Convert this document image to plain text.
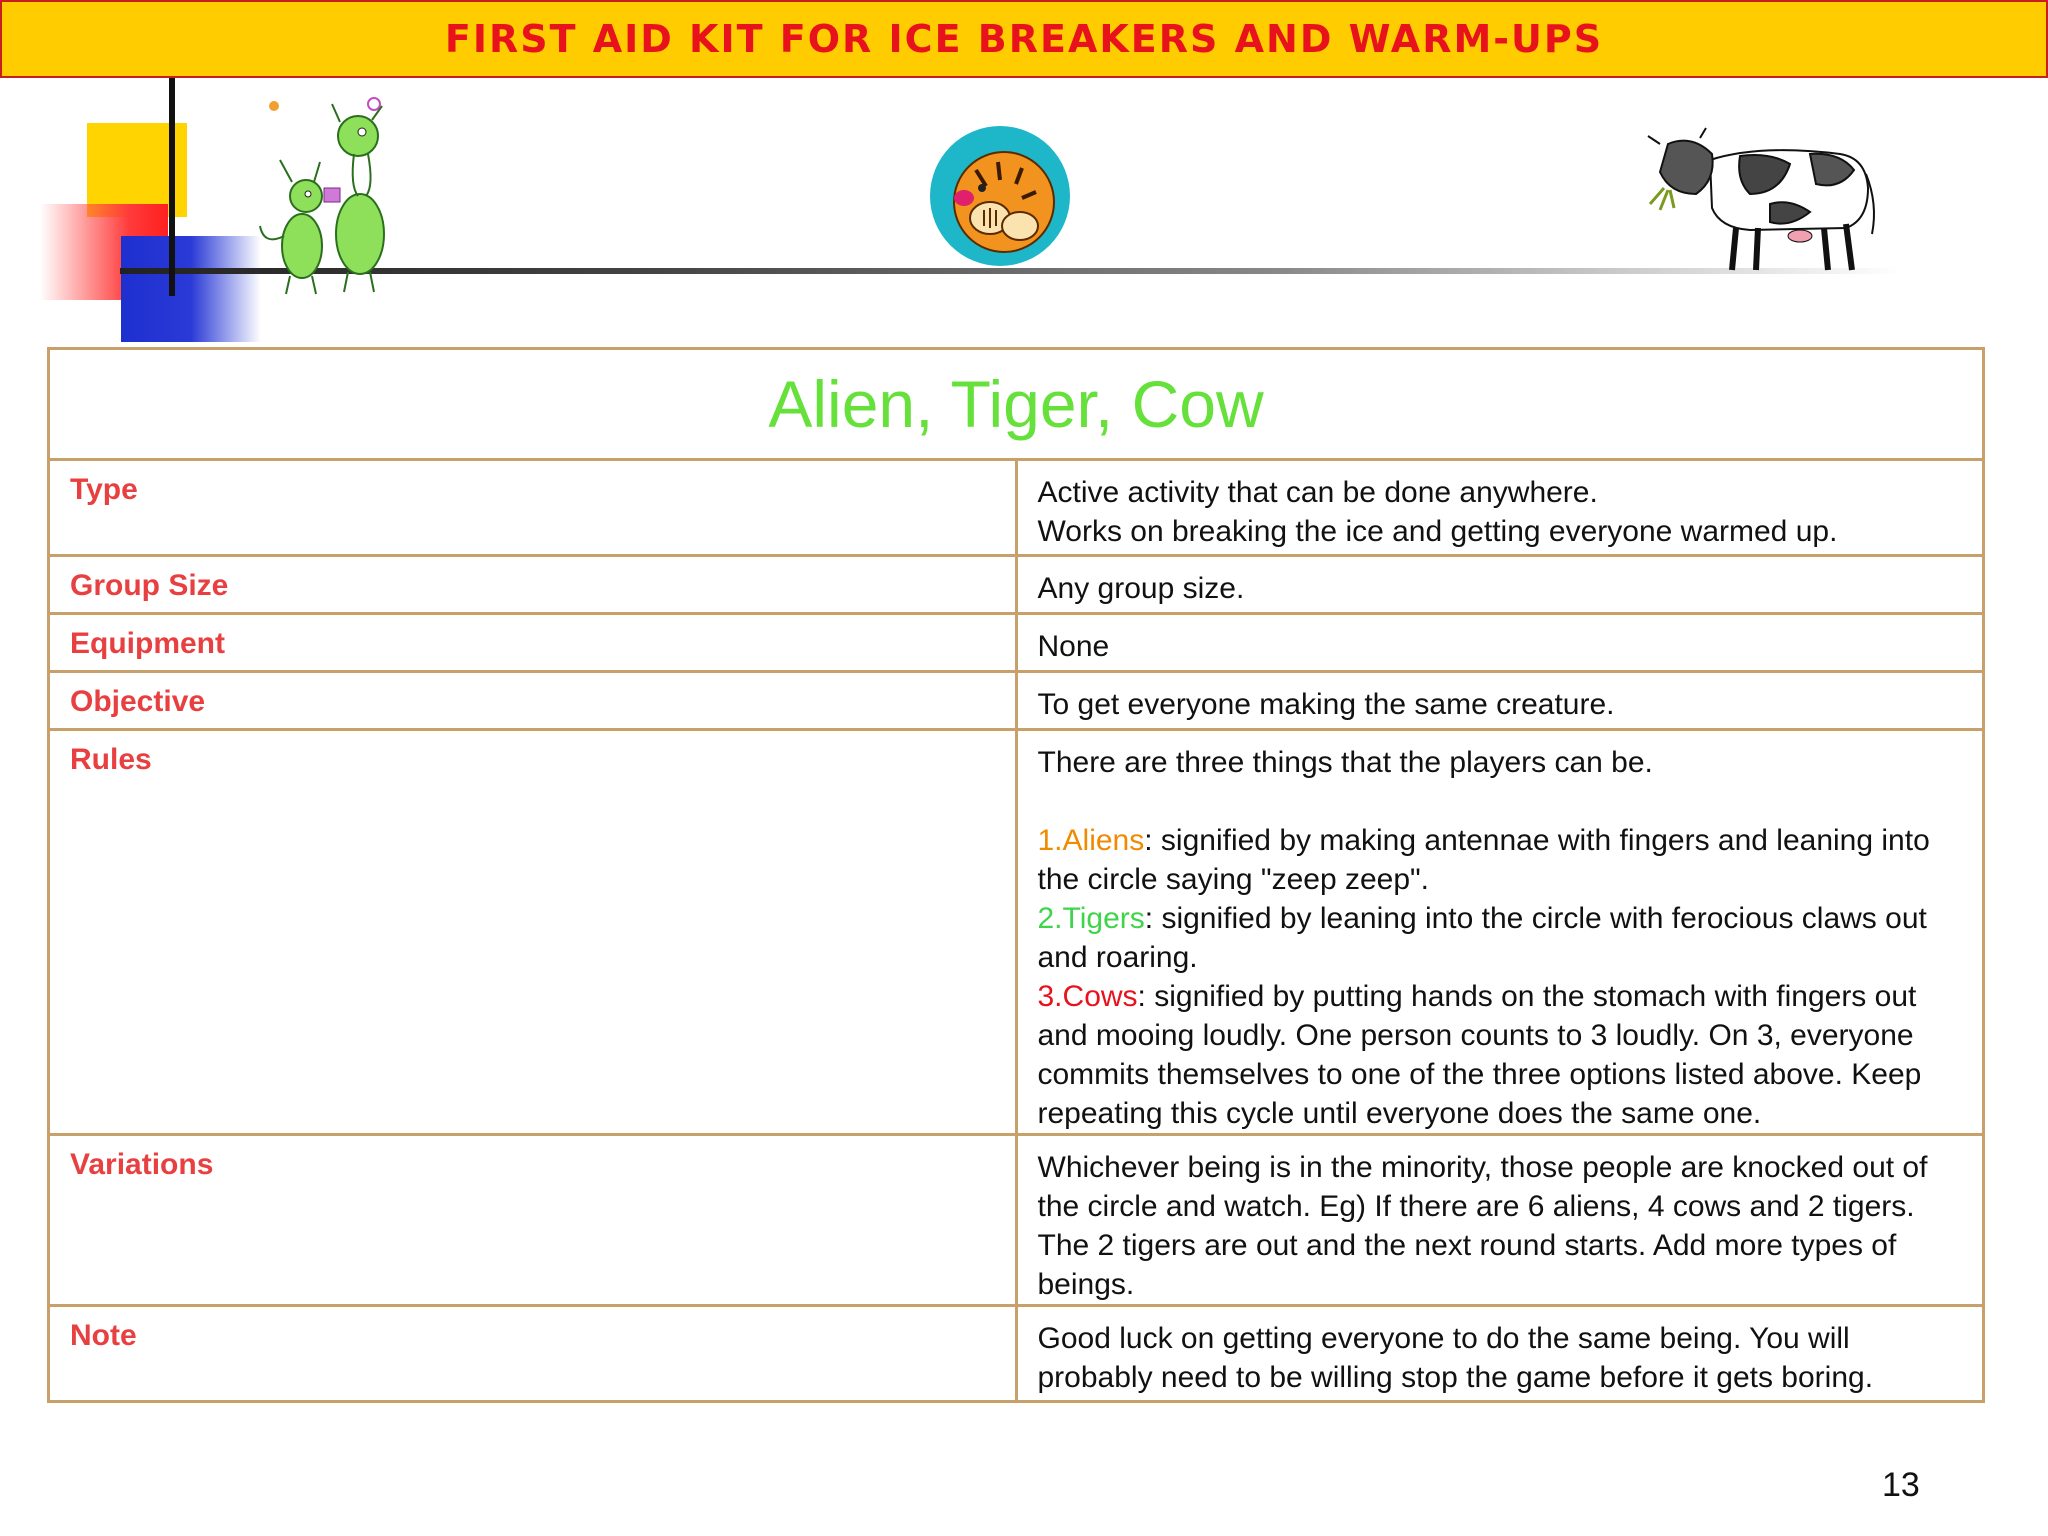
FIRST AID KIT FOR ICE BREAKERS AND WARM-UPS
Alien, Tiger, Cow	
Type	Active activity that can be done anywhere.
Works on breaking the ice and getting everyone warmed up.

Group Size	Any group size.
Equipment	None
Objective	To get everyone making the same creature.
Rules	There are three things that the players can be.
1.Aliens: signified by making antennae with fingers and leaning into the circle saying "zeep zeep".
2.Tigers: signified by leaning into the circle with ferocious claws out and roaring.
3.Cows: signified by putting hands on the stomach with fingers out and mooing loudly. One person counts to 3 loudly. On 3, everyone commits themselves to one of the three options listed above. Keep repeating this cycle until everyone does the same one.

Variations	Whichever being is in the minority, those people are knocked out of the circle and watch. Eg) If there are 6 aliens, 4 cows and 2 tigers. The 2 tigers are out and the next round starts. Add more types of beings.
Note	Good luck on getting everyone to do the same being. You will probably need to be willing stop the game before it gets boring.
13
